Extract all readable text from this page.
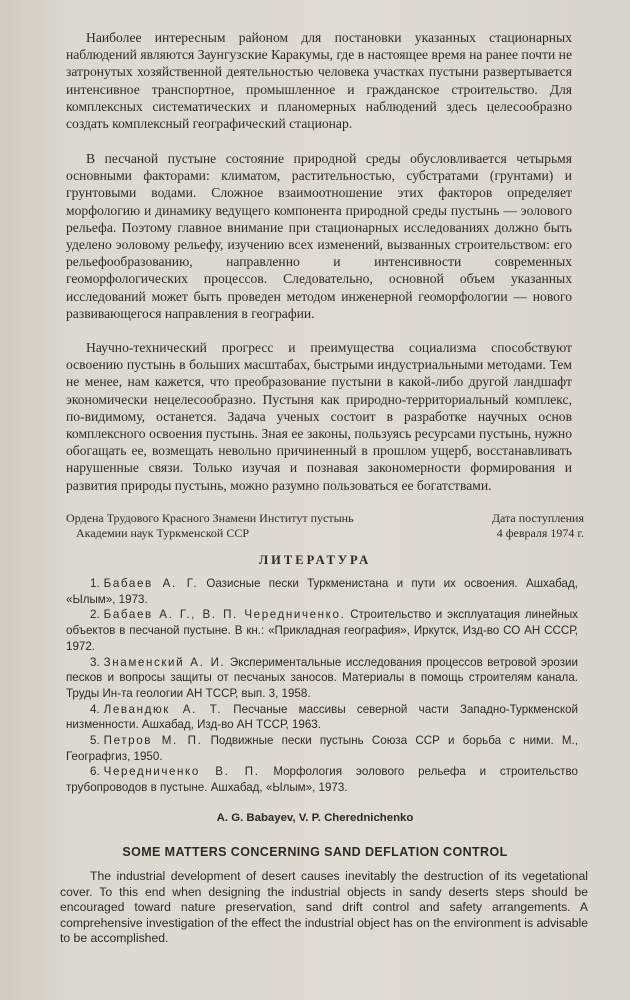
Наиболее интересным районом для постановки указанных стационарных наблюдений являются Заунгузские Каракумы, где в настоящее время на ранее почти не затронутых хозяйственной деятельностью человека участках пустыни развертывается интенсивное транспортное, промышленное и гражданское строительство. Для комплексных систематических и планомерных наблюдений здесь целесообразно создать комплексный географический стационар.

В песчаной пустыне состояние природной среды обусловливается четырьмя основными факторами: климатом, растительностью, субстратами (грунтами) и грунтовыми водами. Сложное взаимоотношение этих факторов определяет морфологию и динамику ведущего компонента природной среды пустынь — эолового рельефа. Поэтому главное внимание при стационарных исследованиях должно быть уделено эоловому рельефу, изучению всех изменений, вызванных строительством: его рельефообразованию, направленно и интенсивности современных геоморфологических процессов. Следовательно, основной объем указанных исследований может быть проведен методом инженерной геоморфологии — нового развивающегося направления в географии.

Научно-технический прогресс и преимущества социализма способствуют освоению пустынь в больших масштабах, быстрыми индустриальными методами. Тем не менее, нам кажется, что преобразование пустыни в какой-либо другой ландшафт экономически нецелесообразно. Пустыня как природно-территориальный комплекс, по-видимому, останется. Задача ученых состоит в разработке научных основ комплексного освоения пустынь. Зная ее законы, пользуясь ресурсами пустынь, нужно обогащать ее, возмещать невольно причиненный в прошлом ущерб, восстанавливать нарушенные связи. Только изучая и познавая закономерности формирования и развития природы пустынь, можно разумно пользоваться ее богатствами.

Ордена Трудового Красного Знамени Институт пустынь
Академии наук Туркменской ССР
Дата поступления
4 февраля 1974 г.
ЛИТЕРАТУРА
1. Бабаев А. Г. Оазисные пески Туркменистана и пути их освоения. Ашхабад, «Ылым», 1973.
2. Бабаев А. Г., В. П. Чередниченко. Строительство и эксплуатация линейных объектов в песчаной пустыне. В кн.: «Прикладная география», Иркутск, Изд-во СО АН СССР, 1972.
3. Знаменский А. И. Экспериментальные исследования процессов ветровой эрозии песков и вопросы защиты от песчаных заносов. Материалы в помощь строителям канала. Труды Ин-та геологии АН ТССР, вып. 3, 1958.
4. Левандюк А. Т. Песчаные массивы северной части Западно-Туркменской низменности. Ашхабад, Изд-во АН ТССР, 1963.
5. Петров М. П. Подвижные пески пустынь Союза ССР и борьба с ними. М., Географгиз, 1950.
6. Чередниченко В. П. Морфология эолового рельефа и строительство трубопроводов в пустыне. Ашхабад, «Ылым», 1973.
A. G. Babayev, V. P. Cherednichenko
SOME MATTERS CONCERNING SAND DEFLATION CONTROL

The industrial development of desert causes inevitably the destruction of its vegetational cover. To this end when designing the industrial objects in sandy deserts steps should be encouraged toward nature preservation, sand drift control and safety arrangements. A comprehensive investigation of the effect the industrial object has on the environment is advisable to be accomplished.
